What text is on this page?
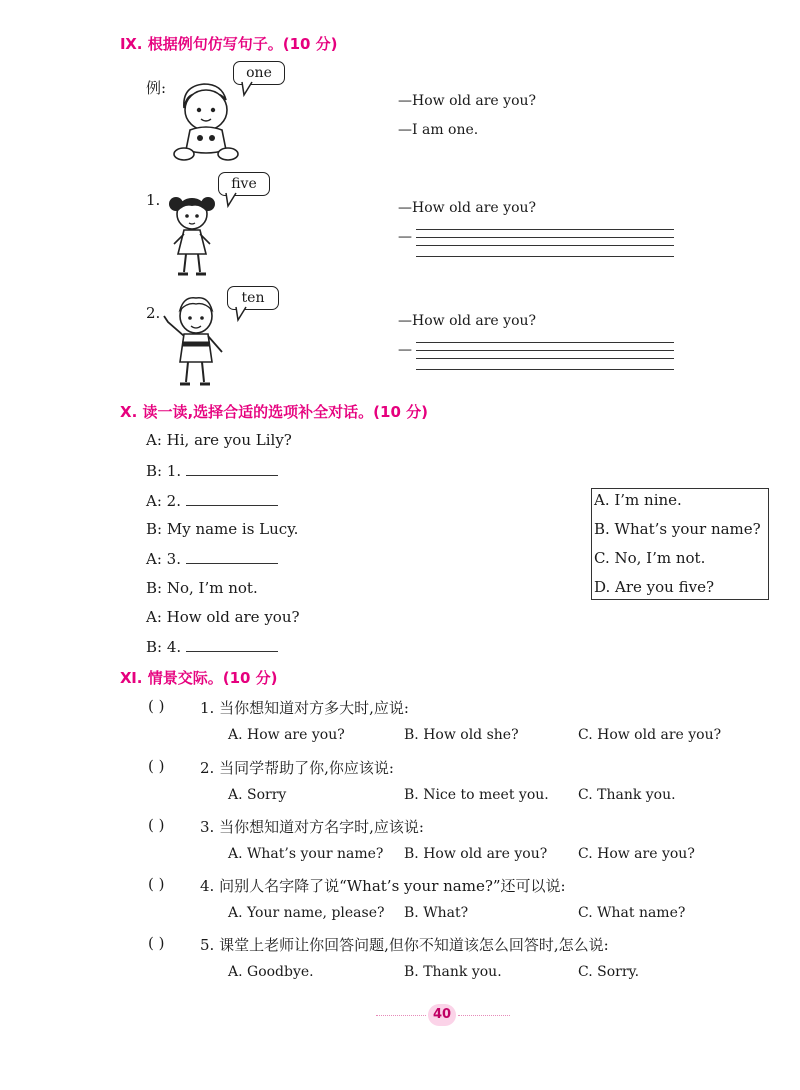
Ⅸ. 根据例句仿写句子。(10 分)
例:
one
—How old are you?
—I am one.
1.
five
—How old are you?
—
2.
ten
—How old are you?
—
Ⅹ. 读一读,选择合适的选项补全对话。(10 分)
A: Hi, are you Lily?
B: 1.
A: 2.
B: My name is Lucy.
A: 3.
B: No, I’m not.
A: How old are you?
B: 4.
A. I’m nine.
B. What’s your name?
C. No, I’m not.
D. Are you five?
Ⅺ. 情景交际。(10 分)
( ) 1. 当你想知道对方多大时,应说:
A. How are you?	B. How old she?	C. How old are you?
( ) 2. 当同学帮助了你,你应该说:
A. Sorry	B. Nice to meet you. C. Thank you.
( ) 3. 当你想知道对方名字时,应该说:
A. What’s your name? B. How old are you? C. How are you?
( ) 4. 问别人名字降了说“What’s your name?”还可以说:
A. Your name, please? B. What?	C. What name?
( ) 5. 课堂上老师让你回答问题,但你不知道该怎么回答时,怎么说:
A. Goodbye.	B. Thank you.	C. Sorry.
40
